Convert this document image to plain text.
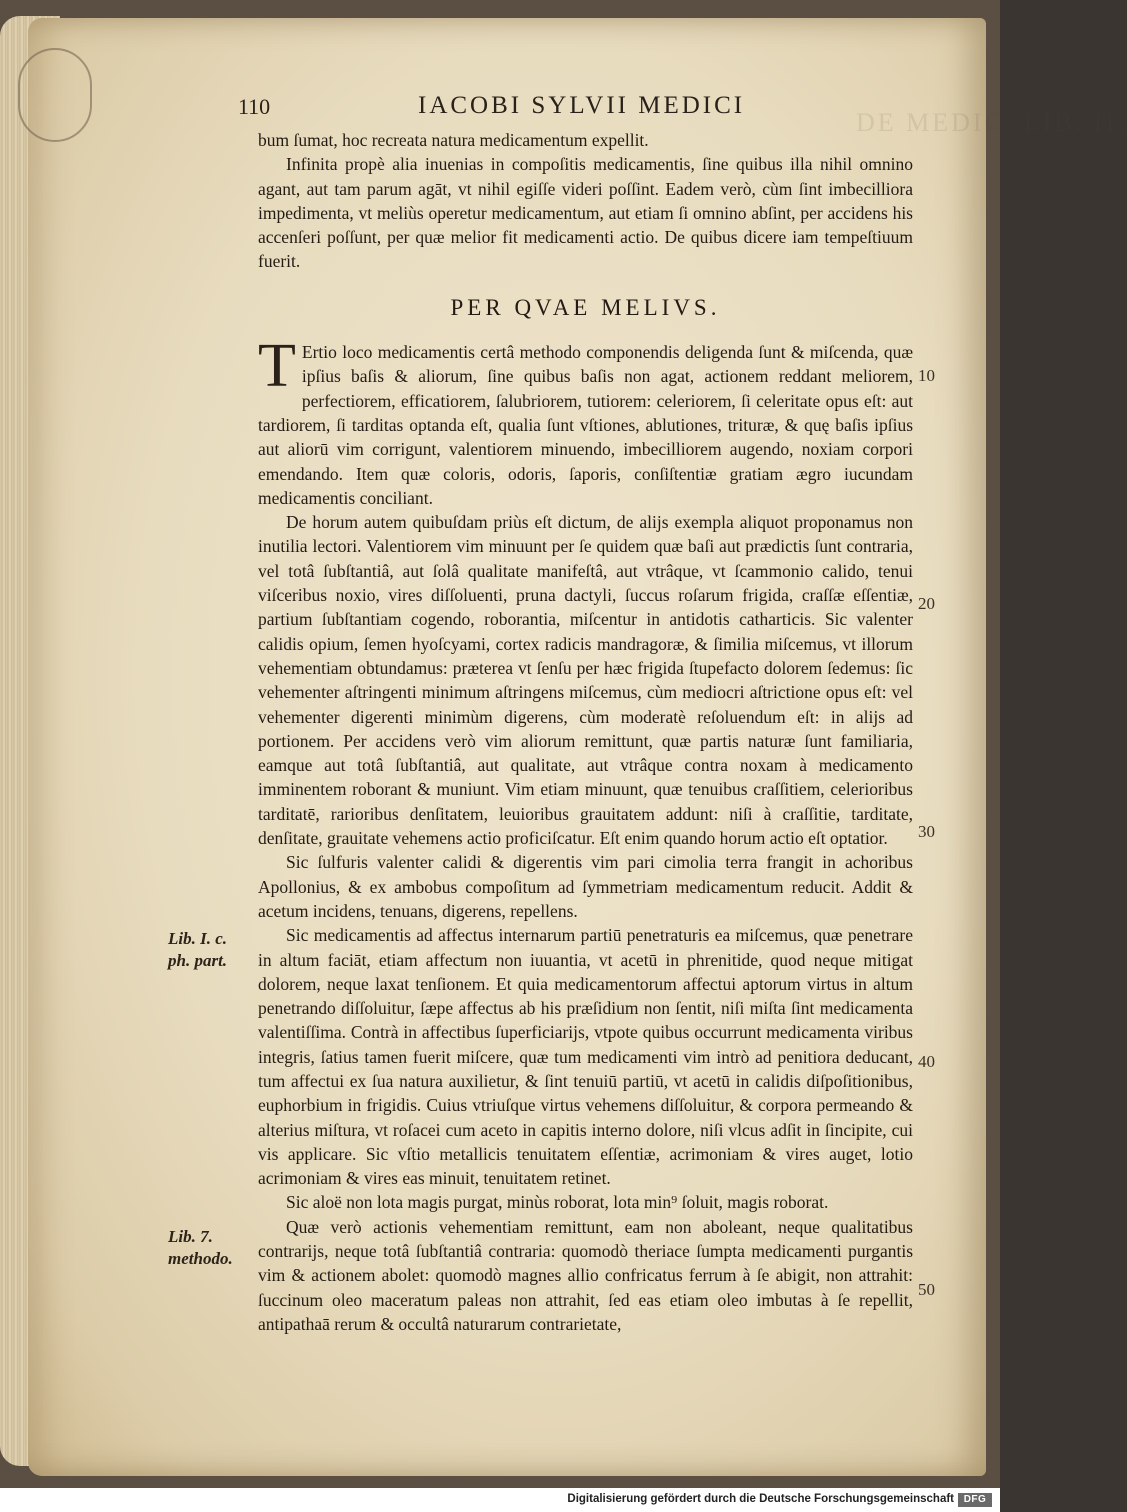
DE MEDIC. LIB. II.
110	IACOBI SYLVII MEDICI

bum ſumat, hoc recreata natura medicamentum expellit.

Infinita propè alia inuenias in compoſitis medicamentis, ſine quibus illa nihil omnino agant, aut tam parum agāt, vt nihil egiſſe videri poſſint. Eadem verò, cùm ſint imbecilliora impedimenta, vt meliùs operetur medicamentum, aut etiam ſi omnino abſint, per accidens his accenſeri poſſunt, per quæ melior fit medicamenti actio. De quibus dicere iam tempeſtiuum fuerit.

PER QVAE MELIVS.

T Ertio loco medicamentis certâ methodo componendis deligenda ſunt & miſcenda, quæ ipſius baſis & aliorum, ſine quibus baſis non agat, actionem reddant meliorem, perfectiorem, efficatiorem, ſalubriorem, tutiorem: celeriorem, ſi celeritate opus eſt: aut tardiorem, ſi tarditas optanda eſt, qualia ſunt vſtiones, ablutiones, trituræ, & quę baſis ipſius aut aliorū vim corrigunt, valentiorem minuendo, imbecilliorem augendo, noxiam corpori emendando. Item quæ coloris, odoris, ſaporis, conſiſtentiæ gratiam ægro iucundam medicamentis conciliant.

De horum autem quibuſdam priùs eſt dictum, de alijs exempla aliquot proponamus non inutilia lectori. Valentiorem vim minuunt per ſe quidem quæ baſi aut prædictis ſunt contraria, vel totâ ſubſtantiâ, aut ſolâ qualitate manifeſtâ, aut vtrâque, vt ſcammonio calido, tenui viſceribus noxio, vires diſſoluenti, pruna dactyli, ſuccus roſarum frigida, craſſæ eſſentiæ, partium ſubſtantiam cogendo, roborantia, miſcentur in antidotis catharticis. Sic valenter calidis opium, ſemen hyoſcyami, cortex radicis mandragoræ, & ſimilia miſcemus, vt illorum vehementiam obtundamus: præterea vt ſenſu per hæc frigida ſtupefacto dolorem ſedemus: ſic vehementer aſtringenti minimum aſtringens miſcemus, cùm mediocri aſtrictione opus eſt: vel vehementer digerenti minimùm digerens, cùm moderatè reſoluendum eſt: in alijs ad portionem. Per accidens verò vim aliorum remittunt, quæ partis naturæ ſunt familiaria, eamque aut totâ ſubſtantiâ, aut qualitate, aut vtrâque contra noxam à medicamento imminentem roborant & muniunt. Vim etiam minuunt, quæ tenuibus craſſitiem, celerioribus tarditatē, rarioribus denſitatem, leuioribus grauitatem addunt: niſi à craſſitie, tarditate, denſitate, grauitate vehemens actio proficiſcatur. Eſt enim quando horum actio eſt optatior.

Sic ſulfuris valenter calidi & digerentis vim pari cimolia terra frangit in achoribus Apollonius, & ex ambobus compoſitum ad ſymmetriam medicamentum reducit. Addit & acetum incidens, tenuans, digerens, repellens.

Sic medicamentis ad affectus internarum partiū penetraturis ea miſcemus, quæ penetrare in altum faciāt, etiam affectum non iuuantia, vt acetū in phrenitide, quod neque mitigat dolorem, neque laxat tenſionem. Et quia medicamentorum affectui aptorum virtus in altum penetrando diſſoluitur, ſæpe affectus ab his præſidium non ſentit, niſi miſta ſint medicamenta valentiſſima. Contrà in affectibus ſuperficiarijs, vtpote quibus occurrunt medicamenta viribus integris, ſatius tamen fuerit miſcere, quæ tum medicamenti vim intrò ad penitiora deducant, tum affectui ex ſua natura auxilietur, & ſint tenuiū partiū, vt acetū in calidis diſpoſitionibus, euphorbium in frigidis. Cuius vtriuſque virtus vehemens diſſoluitur, & corpora permeando & alterius miſtura, vt roſacei cum aceto in capitis interno dolore, niſi vlcus adſit in ſincipite, cui vis applicare. Sic vſtio metallicis tenuitatem eſſentiæ, acrimoniam & vires auget, lotio acrimoniam & vires eas minuit, tenuitatem retinet.

Sic aloë non lota magis purgat, minùs roborat, lota min⁹ ſoluit, magis roborat.

Quæ verò actionis vehementiam remittunt, eam non aboleant, neque qualitatibus contrarijs, neque totâ ſubſtantiâ contraria: quomodò theriace ſumpta medicamenti purgantis vim & actionem abolet: quomodò magnes allio confricatus ferrum à ſe abigit, non attrahit: ſuccinum oleo maceratum paleas non attrahit, ſed eas etiam oleo imbutas à ſe repellit, antipathaā rerum & occultâ naturarum contrarietate,

Lib. I. c. ph. part.
Lib. 7. methodo.
10
20
30
40
50
Digitalisierung gefördert durch die Deutsche Forschungsgemeinschaft DFG
